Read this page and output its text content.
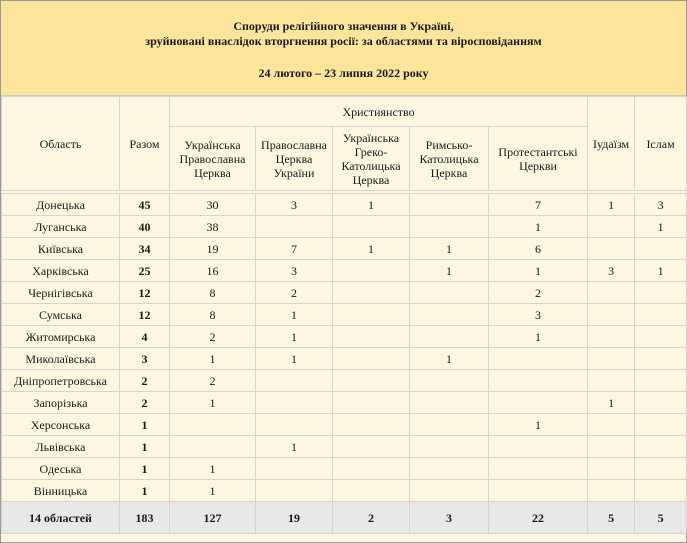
Споруди релігійного значення в Україні,
зруйновані внаслідок вторгнення росії: за областями та віросповіданням
24 лютого – 23 липня 2022 року
Область	Разом	Християнство					Іудаїзм	Іслам
		Українська Православна Церква	Православна Церква України	Українська Греко-Католицька Церква	Римсько-Католицька Церква	Протестантські Церкви		

Донецька	45	30	3	1		7	1	3
Луганська	40	38				1		1
Київська	34	19	7	1	1	6		
Харківська	25	16	3		1	1	3	1
Чернігівська	12	8	2			2		
Сумська	12	8	1			3		
Житомирська	4	2	1			1		
Миколаївська	3	1	1		1			
Дніпропетровська	2	2						
Запорізька	2	1					1	
Херсонська	1					1		
Львівська	1		1					
Одеська	1	1						
Вінницька	1	1						
14 областей	183	127	19	2	3	22	5	5
